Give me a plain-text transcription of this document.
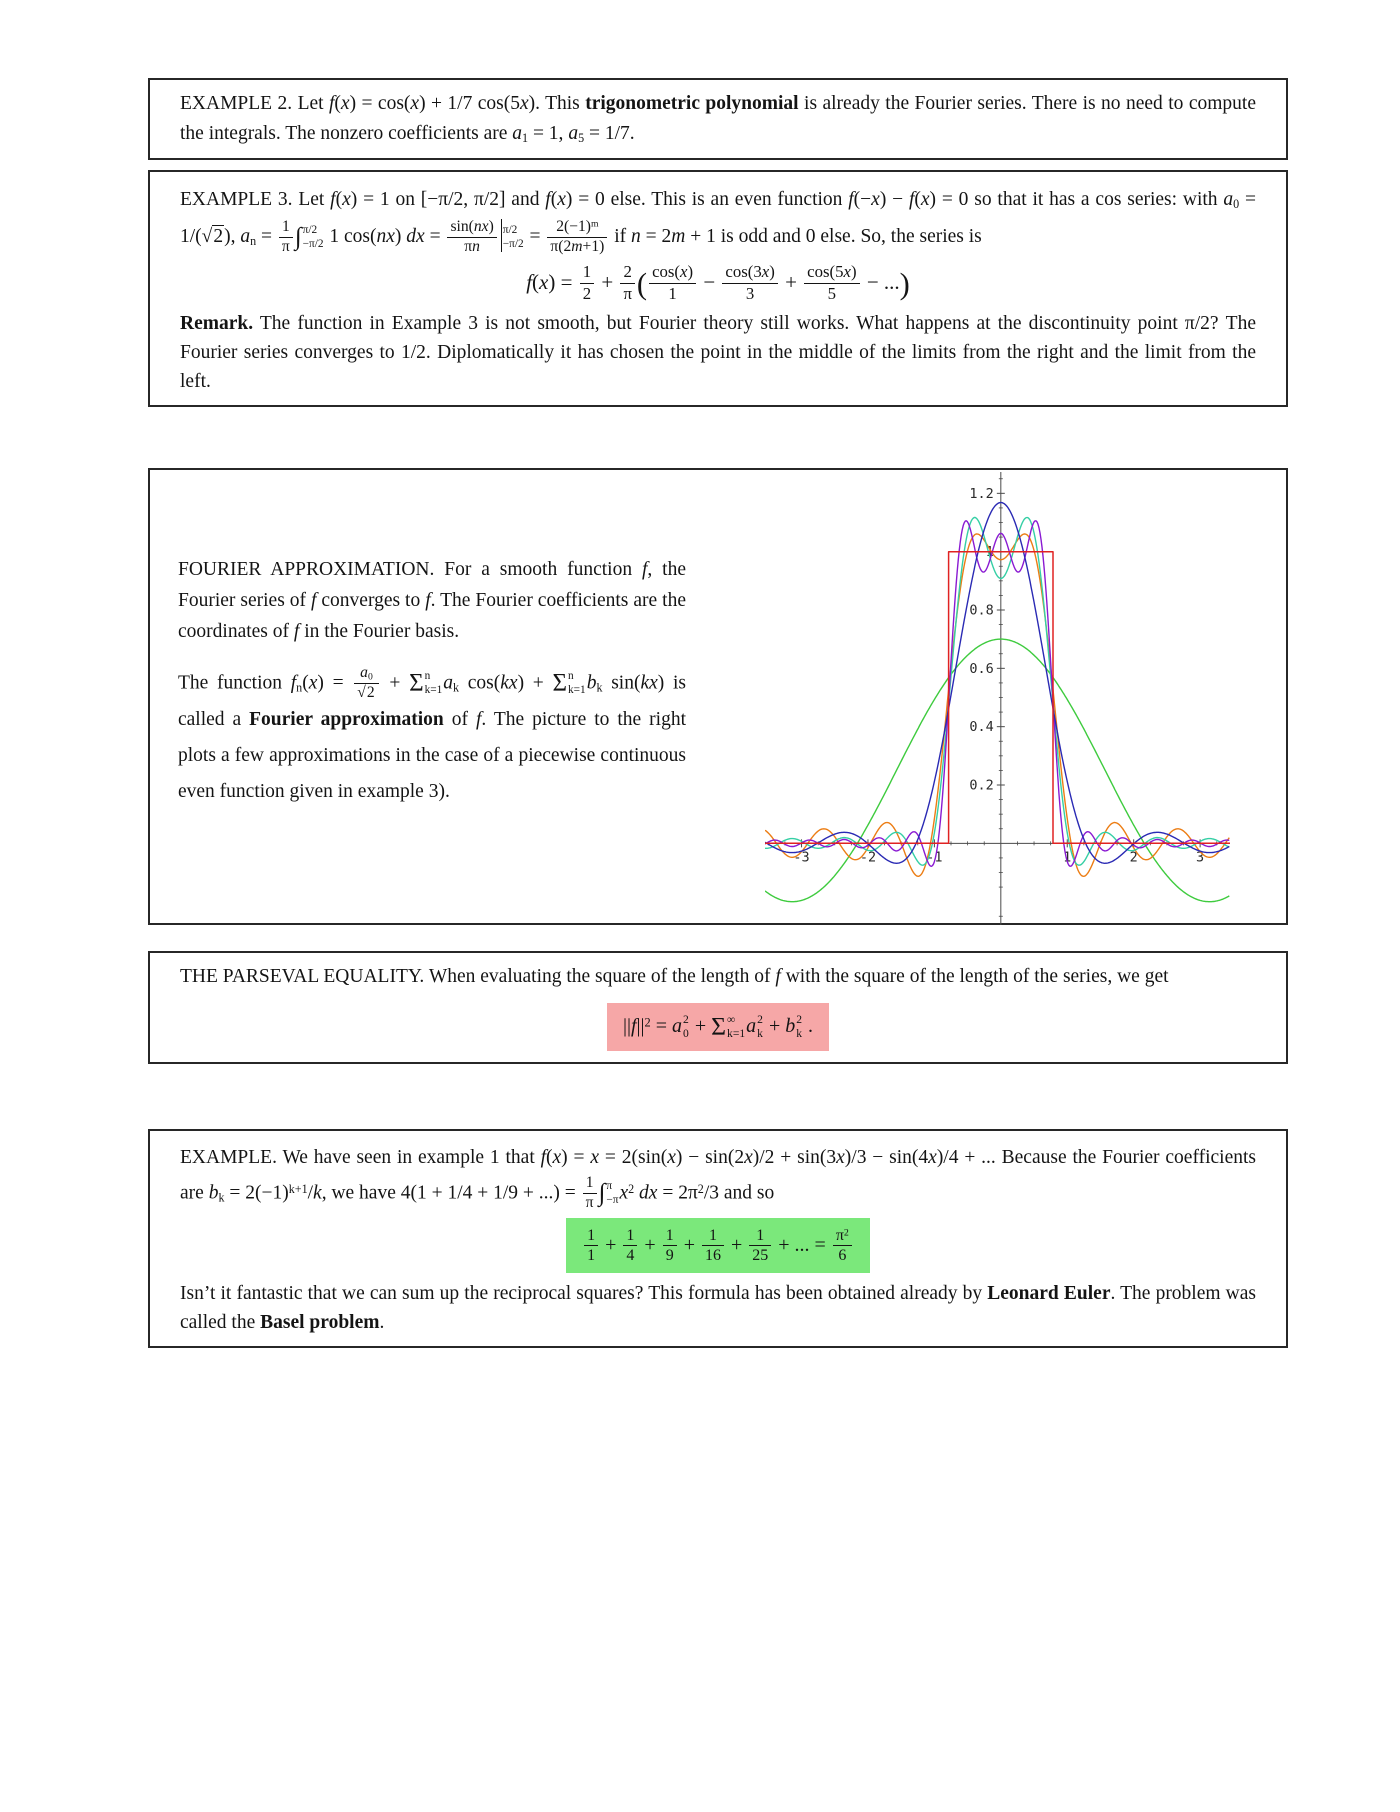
EXAMPLE 2. Let f(x) = cos(x) + 1/7 cos(5x). This trigonometric polynomial is already the Fourier series. There is no need to compute the integrals. The nonzero coefficients are $a_1 = 1$, $a_5 = 1/7$.

EXAMPLE 3. Let f(x) = 1 on [−π/2, π/2] and f(x) = 0 else. This is an even function f(−x) − f(x) = 0 so that it has a cos series: with $a_0 = 1/(√2)$, $a_n = \frac{1}{\pi}$ ∫ π/2
−π/2 1 cos(nx) dx = $\frac{\sin(nx)}{\pi n} \pi/2$
$-\pi/2 = \frac{2(-1)^m}{\pi(2m+1)}$ if n = 2m + 1 is odd and 0 else. So, the series is

$f(x) = \frac{1}{2} + \frac{2}{\pi}$ ( $\frac{\cos(x)}{1} - \frac{\cos(3x)}{3} + \frac{\cos(5x)}{5}$ − ...)

Remark. The function in Example 3 is not smooth, but Fourier theory still works. What happens at the discontinuity point π/2? The Fourier series converges to 1/2. Diplomatically it has chosen the point in the middle of the limits from the right and the limit from the left.

FOURIER APPROXIMATION. For a smooth function f, the Fourier series of f converges to f. The Fourier coefficients are the coordinates of f in the Fourier basis.

The function $f_n(x) = \frac{a_0}{√2} + \Sigma$ n
k=1 $a_k$ cos(kx) + Σ n
k=1 $b_k$ sin(kx) is called a Fourier approximation of f. The picture to the right plots a few approximations in the case of a piecewise continuous even function given in example 3).

-3	-2	-1	1	2	3
0.2
0.4
0.6
0.8
1
1.2

THE PARSEVAL EQUALITY. When evaluating the square of the length of f with the square of the length of the series, we get

$||f||^2 = a$ 2
0 + Σ ∞
k=1 a 2
k + b 2
k .

EXAMPLE. We have seen in example 1 that f(x) = x = 2(sin(x) − sin(2x)/2 + sin(3x)/3 − sin(4x)/4 + ... Because the Fourier coefficients are $b_k = 2(-1)^{k+1}/k$, we have 4(1 + 1/4 + 1/9 + ...) = $\frac{1}{\pi}$ ∫ π
−π $x^2$ dx = $2\pi^2/3$ and so

$\frac{1}{1} + \frac{1}{4} + \frac{1}{9} + \frac{1}{16} + \frac{1}{25}$ + ... = $\frac{\pi^2}{6}$

Isn’t it fantastic that we can sum up the reciprocal squares? This formula has been obtained already by Leonard Euler. The problem was called the Basel problem.
